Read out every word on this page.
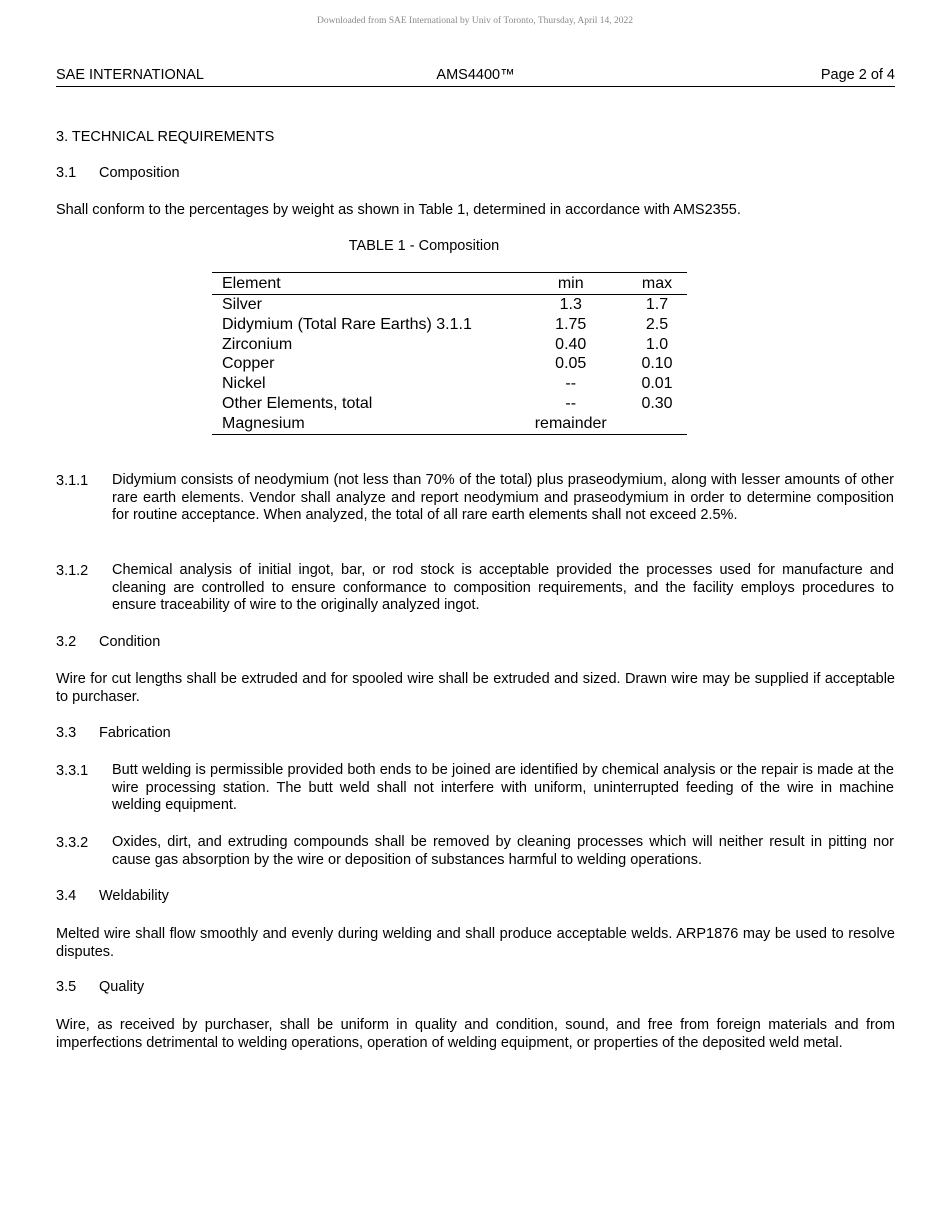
Downloaded from SAE International by Univ of Toronto, Thursday, April 14, 2022
SAE INTERNATIONAL	AMS4400™	Page 2 of 4
3. TECHNICAL REQUIREMENTS
3.1 Composition
Shall conform to the percentages by weight as shown in Table 1, determined in accordance with AMS2355.
TABLE 1 - Composition
Element	min	max
Silver	1.3	1.7
Didymium (Total Rare Earths) 3.1.1	1.75	2.5
Zirconium	0.40	1.0
Copper	0.05	0.10
Nickel	--	0.01
Other Elements, total	--	0.30
Magnesium	remainder	
3.1.1 Didymium consists of neodymium (not less than 70% of the total) plus praseodymium, along with lesser amounts of other rare earth elements. Vendor shall analyze and report neodymium and praseodymium in order to determine composition for routine acceptance. When analyzed, the total of all rare earth elements shall not exceed 2.5%.
3.1.2 Chemical analysis of initial ingot, bar, or rod stock is acceptable provided the processes used for manufacture and cleaning are controlled to ensure conformance to composition requirements, and the facility employs procedures to ensure traceability of wire to the originally analyzed ingot.
3.2 Condition
Wire for cut lengths shall be extruded and for spooled wire shall be extruded and sized. Drawn wire may be supplied if acceptable to purchaser.
3.3 Fabrication
3.3.1 Butt welding is permissible provided both ends to be joined are identified by chemical analysis or the repair is made at the wire processing station. The butt weld shall not interfere with uniform, uninterrupted feeding of the wire in machine welding equipment.
3.3.2 Oxides, dirt, and extruding compounds shall be removed by cleaning processes which will neither result in pitting nor cause gas absorption by the wire or deposition of substances harmful to welding operations.
3.4 Weldability
Melted wire shall flow smoothly and evenly during welding and shall produce acceptable welds. ARP1876 may be used to resolve disputes.
3.5 Quality
Wire, as received by purchaser, shall be uniform in quality and condition, sound, and free from foreign materials and from imperfections detrimental to welding operations, operation of welding equipment, or properties of the deposited weld metal.
